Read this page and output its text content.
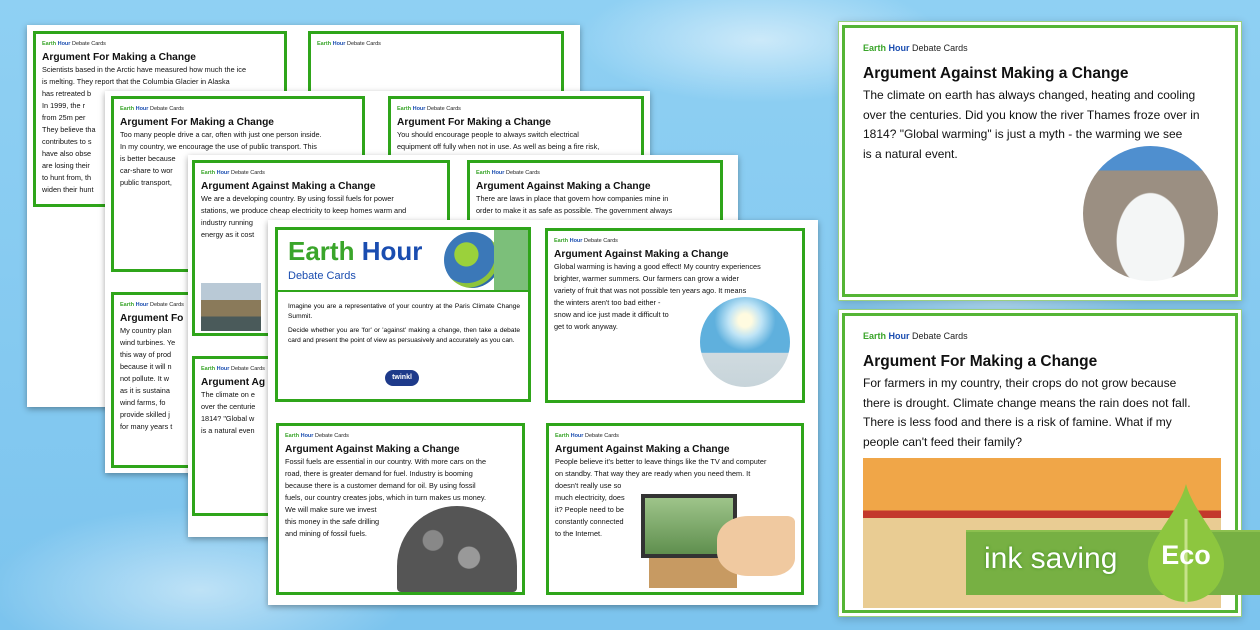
Earth Hour Debate Cards
Scientists based in the Arctic have measured how much the ice
is melting. They report that the Columbia Glacier in Alaska
has retreated b
In 1999, the r
from 25m per
They believe tha
contributes to s
have also obse
are losing their
to hunt from, th
widen their hunt
Argument For Making a Change
Earth Hour Debate Cards
Earth Hour Debate Cards
Too many people drive a car, often with just one person inside.
In my country, we encourage the use of public transport. This
is better because
car-share to wor
public transport,
Argument For Making a Change
Earth Hour Debate Cards
You should encourage people to always switch electrical
equipment off fully when not in use. As well as being a fire risk,
Argument For Making a Change
Earth Hour Debate Cards
My country plan
wind turbines. Ye
this way of prod
because it will n
not pollute. It w
as it is sustaina
wind farms, fo
provide skilled j
for many years t
Argument Fo
Earth Hour Debate Cards
We are a developing country. By using fossil fuels for power
stations, we produce cheap electricity to keep homes warm and
industry running
energy as it cost
Argument Against Making a Change
Earth Hour Debate Cards
There are laws in place that govern how companies mine in
order to make it as safe as possible. The government always
Argument Against Making a Change
Earth Hour Debate Cards
The climate on e
over the centurie
1814? "Global w
is a natural even
Argument Ag
Earth Hour
Debate Cards
Imagine you are a representative of your country at the Paris Climate Change Summit.
Decide whether you are 'for' or 'against' making a change, then take a debate card and present the point of view as persuasively and accurately as you can.
twinkl
Earth Hour Debate Cards
Global warming is having a good effect! My country experiences
brighter, warmer summers. Our farmers can grow a wider
variety of fruit that was not possible ten years ago. It means
the winters aren't too bad either -
snow and ice just made it difficult to
get to work anyway.
Argument Against Making a Change
Earth Hour Debate Cards
Fossil fuels are essential in our country. With more cars on the
road, there is greater demand for fuel. Industry is booming
because there is a customer demand for oil. By using fossil
fuels, our country creates jobs, which in turn makes us money.
We will make sure we invest
this money in the safe drilling
and mining of fossil fuels.
Argument Against Making a Change
Earth Hour Debate Cards
People believe it's better to leave things like the TV and computer
on standby. That way they are ready when you need them. It
doesn't really use so
much electricity, does
it? People need to be
constantly connected
to the Internet.
Argument Against Making a Change
Earth Hour Debate Cards
The climate on earth has always changed, heating and cooling
over the centuries. Did you know the river Thames froze over in
1814? "Global warming" is just a myth - the warming we see
is a natural event.
Argument Against Making a Change
Earth Hour Debate Cards
For farmers in my country, their crops do not grow because
there is drought. Climate change means the rain does not fall.
There is less food and there is a risk of famine. What if my
people can't feed their family?
Argument For Making a Change
ink saving Eco
